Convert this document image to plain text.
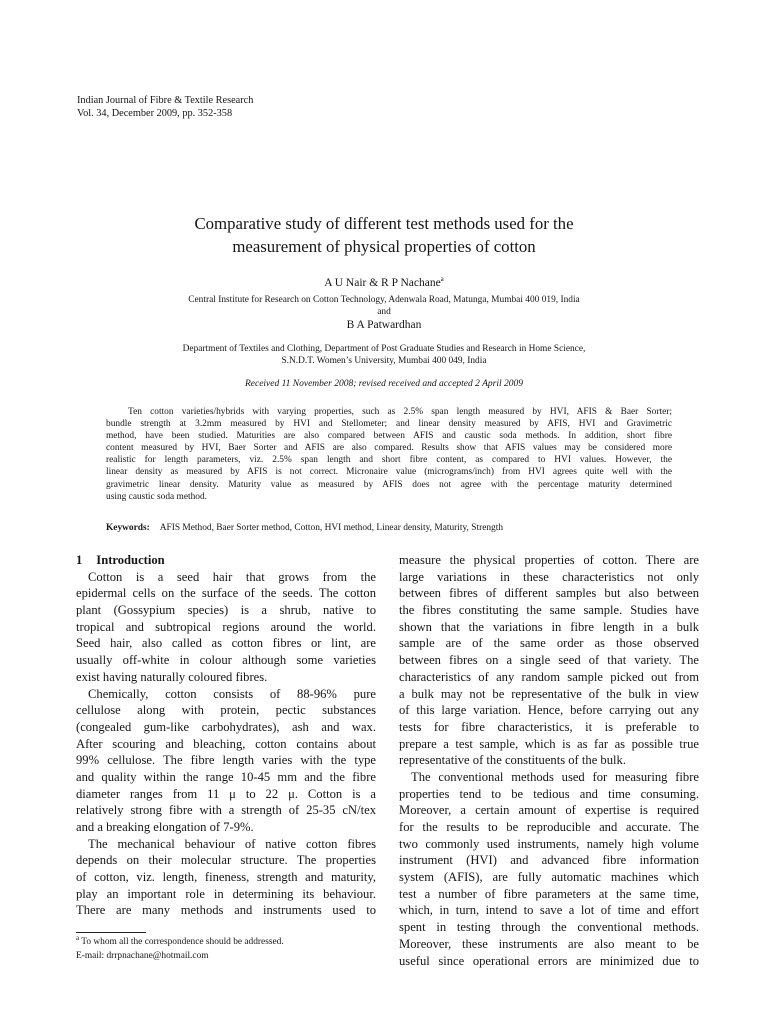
Indian Journal of Fibre & Textile Research
Vol. 34, December 2009, pp. 352-358
Comparative study of different test methods used for the
measurement of physical properties of cotton
A U Nair & R P Nachane$^a$
Central Institute for Research on Cotton Technology, Adenwala Road, Matunga, Mumbai 400 019, India
and
B A Patwardhan
Department of Textiles and Clothing, Department of Post Graduate Studies and Research in Home Science,
S.N.D.T. Women’s University, Mumbai 400 049, India
Received 11 November 2008; revised received and accepted 2 April 2009
Ten cotton varieties/hybrids with varying properties, such as 2.5% span length measured by HVI, AFIS & Baer Sorter;
bundle strength at 3.2mm measured by HVI and Stellometer; and linear density measured by AFIS, HVI and Gravimetric
method, have been studied. Maturities are also compared between AFIS and caustic soda methods. In addition, short fibre
content measured by HVI, Baer Sorter and AFIS are also compared. Results show that AFIS values may be considered more
realistic for length parameters, viz. 2.5% span length and short fibre content, as compared to HVI values. However, the
linear density as measured by AFIS is not correct. Micronaire value (micrograms/inch) from HVI agrees quite well with the
gravimetric linear density. Maturity value as measured by AFIS does not agree with the percentage maturity determined
using caustic soda method.
Keywords: AFIS Method, Baer Sorter method, Cotton, HVI method, Linear density, Maturity, Strength
1 Introduction
Cotton is a seed hair that grows from the
epidermal cells on the surface of the seeds. The cotton
plant (Gossypium species) is a shrub, native to
tropical and subtropical regions around the world.
Seed hair, also called as cotton fibres or lint, are
usually off-white in colour although some varieties
exist having naturally coloured fibres.
Chemically, cotton consists of 88-96% pure
cellulose along with protein, pectic substances
(congealed gum-like carbohydrates), ash and wax.
After scouring and bleaching, cotton contains about
99% cellulose. The fibre length varies with the type
and quality within the range 10-45 mm and the fibre
diameter ranges from 11 μ to 22 μ. Cotton is a
relatively strong fibre with a strength of 25-35 cN/tex
and a breaking elongation of 7-9%.
The mechanical behaviour of native cotton fibres
depends on their molecular structure. The properties
of cotton, viz. length, fineness, strength and maturity,
play an important role in determining its behaviour.
There are many methods and instruments used to
measure the physical properties of cotton. There are
large variations in these characteristics not only
between fibres of different samples but also between
the fibres constituting the same sample. Studies have
shown that the variations in fibre length in a bulk
sample are of the same order as those observed
between fibres on a single seed of that variety. The
characteristics of any random sample picked out from
a bulk may not be representative of the bulk in view
of this large variation. Hence, before carrying out any
tests for fibre characteristics, it is preferable to
prepare a test sample, which is as far as possible true
representative of the constituents of the bulk.
The conventional methods used for measuring fibre
properties tend to be tedious and time consuming.
Moreover, a certain amount of expertise is required
for the results to be reproducible and accurate. The
two commonly used instruments, namely high volume
instrument (HVI) and advanced fibre information
system (AFIS), are fully automatic machines which
test a number of fibre parameters at the same time,
which, in turn, intend to save a lot of time and effort
spent in testing through the conventional methods.
Moreover, these instruments are also meant to be
useful since operational errors are minimized due to
$^a$ To whom all the correspondence should be addressed.
E-mail: drrpnachane@hotmail.com
